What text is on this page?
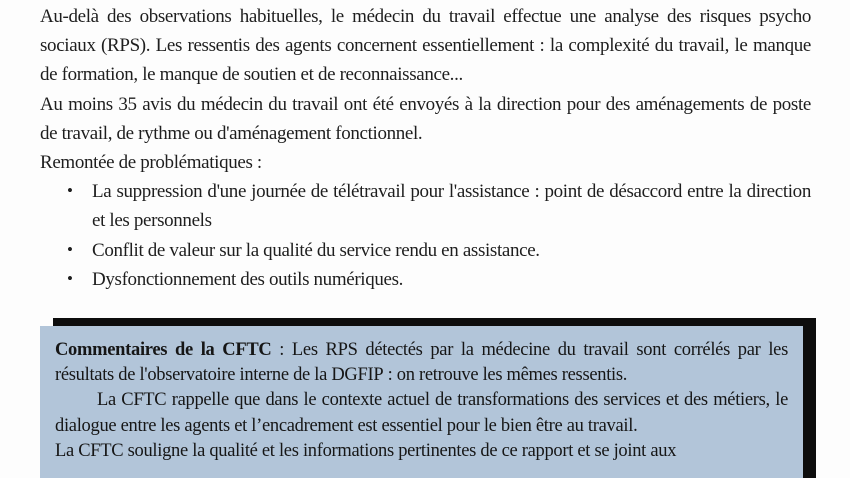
Au-delà des observations habituelles, le médecin du travail effectue une analyse des risques psycho sociaux (RPS). Les ressentis des agents concernent essentiellement : la complexité du travail, le manque de formation, le manque de soutien et de reconnaissance...

Au moins 35 avis du médecin du travail ont été envoyés à la direction pour des aménagements de poste de travail, de rythme ou d'aménagement fonctionnel.

Remontée de problématiques :

• La suppression d'une journée de télétravail pour l'assistance : point de désaccord entre la direction et les personnels
• Conflit de valeur sur la qualité du service rendu en assistance.
• Dysfonctionnement des outils numériques.

Commentaires de la CFTC : Les RPS détectés par la médecine du travail sont corrélés par les résultats de l'observatoire interne de la DGFIP : on retrouve les mêmes ressentis.

La CFTC rappelle que dans le contexte actuel de transformations des services et des métiers, le dialogue entre les agents et l’encadrement est essentiel pour le bien être au travail.

La CFTC souligne la qualité et les informations pertinentes de ce rapport et se joint aux
